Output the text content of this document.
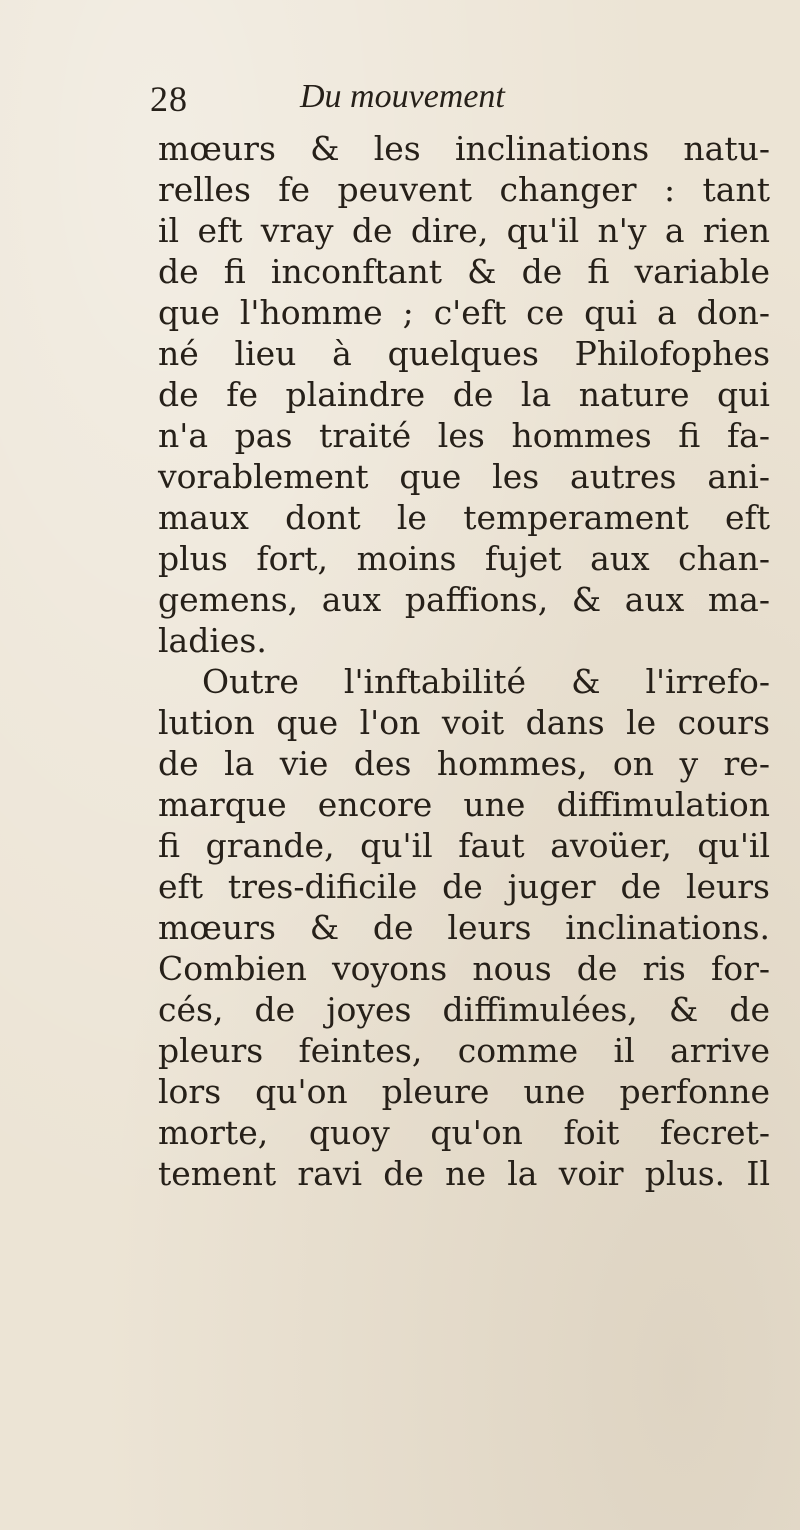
28	Du mouvement
mœurs & les inclinations natu-
relles fe peuvent changer : tant
il eft vray de dire, qu'il n'y a rien
de fi inconftant & de fi variable
que l'homme ; c'eft ce qui a don-
né lieu à quelques Philofophes
de fe plaindre de la nature qui
n'a pas traité les hommes fi fa-
vorablement que les autres ani-
maux dont le temperament eft
plus fort, moins fujet aux chan-
gemens, aux paffions, & aux ma-
ladies.
Outre l'inftabilité & l'irrefo-
lution que l'on voit dans le cours
de la vie des hommes, on y re-
marque encore une diffimulation
fi grande, qu'il faut avoüer, qu'il
eft tres-dificile de juger de leurs
mœurs & de leurs inclinations.
Combien voyons nous de ris for-
cés, de joyes diffimulées, & de
pleurs feintes, comme il arrive
lors qu'on pleure une perfonne
morte, quoy qu'on foit fecret-
tement ravi de ne la voir plus. Il
